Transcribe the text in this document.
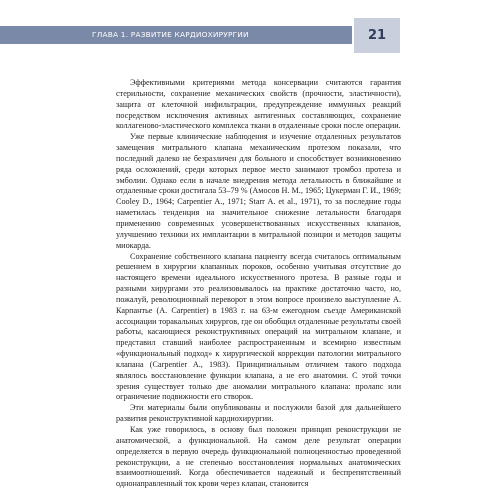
ГЛАВА 1. РАЗВИТИЕ КАРДИОХИРУРГИИ	21

Эффективными критериями метода консервации считаются гарантия стерильности, сохранение механических свойств (прочности, эластичности), защита от клеточной инфильтрации, предупреждение иммунных реакций посредством исключения активных антигенных составляющих, сохранение коллагеново-эластического комплекса ткани в отдаленные сроки после операции.

Уже первые клинические наблюдения и изучение отдаленных результатов замещения митрального клапана механическим протезом показали, что последний далеко не безразличен для больного и способствует возникновению ряда осложнений, среди которых первое место занимают тромбоз протеза и эмболии. Однако если в начале внедрения метода летальность в ближайшие и отдаленные сроки достигала 53–79 % (Амосов Н. М., 1965; Цукерман Г. И., 1969; Cooley D., 1964; Carpentier A., 1971; Starr A. et al., 1971), то за последние годы наметилась тенденция на значительное снижение летальности благодаря применению современных усовершенствованных искусственных клапанов, улучшению техники их имплантации в митральной позиции и методов защиты миокарда.

Сохранение собственного клапана пациенту всегда считалось оптимальным решением в хирургии клапанных пороков, особенно учитывая отсутствие до настоящего времени идеального искусственного протеза. В разные годы и разными хирургами это реализовывалось на практике достаточно часто, но, пожалуй, революционный переворот в этом вопросе произвело выступление А. Карпантье (A. Carpentier) в 1983 г. на 63-м ежегодном съезде Американской ассоциации торакальных хирургов, где он обобщил отдаленные результаты своей работы, касающиеся реконструктивных операций на митральном клапане, и представил ставший наиболее распространенным и всемирно известным «функциональный подход» к хирургической коррекции патологии митрального клапана (Carpentier A., 1983). Принципиальным отличием такого подхода являлось восстановление функции клапана, а не его анатомии. С этой точки зрения существует только две аномалии митрального клапана: пролапс или ограничение подвижности его створок.

Эти материалы были опубликованы и послужили базой для дальнейшего развития реконструктивной кардиохирургии.

Как уже говорилось, в основу был положен принцип реконструкции не анатомической, а функциональной. На самом деле результат операции определяется в первую очередь функциональной полноценностью проведенной реконструкции, а не степенью восстановления нормальных анатомических взаимоотношений. Когда обеспечивается надежный и беспрепятственный однонаправленный ток крови через клапан, становится
